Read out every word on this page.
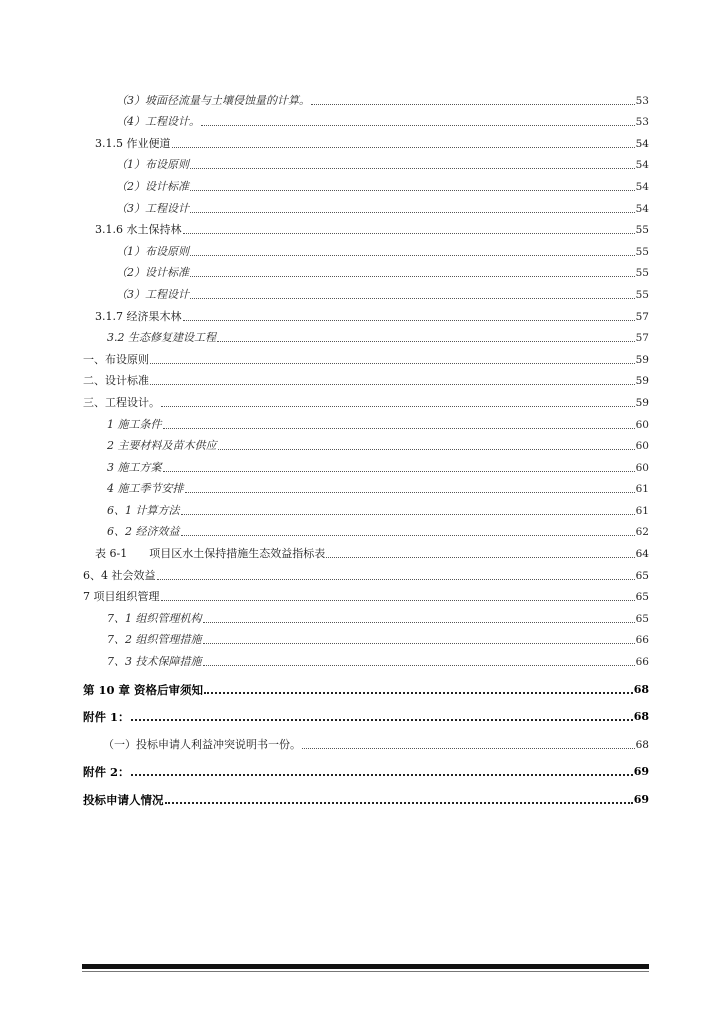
（3）坡面径流量与土壤侵蚀量的计算。	53
（4）工程设计。	53
3.1.5 作业便道	54
（1）布设原则	54
（2）设计标准	54
（3）工程设计	54
3.1.6 水土保持林	55
（1）布设原则	55
（2）设计标准	55
（3）工程设计	55
3.1.7 经济果木林	57
3.2 生态修复建设工程	57
一、布设原则	59
二、设计标准	59
三、工程设计。	59
1 施工条件	60
2 主要材料及苗木供应	60
3 施工方案	60
4 施工季节安排	61
6、1 计算方法	61
6、2 经济效益	62
表 6-1　　项目区水土保持措施生态效益指标表	64
6、4 社会效益	65
7 项目组织管理	65
7、1 组织管理机构	65
7、2 组织管理措施	66
7、3 技术保障措施	66
第 10 章 资格后审须知	68
附件 1：	68
（一）投标申请人利益冲突说明书一份。	68
附件 2：	69
投标申请人情况	69
